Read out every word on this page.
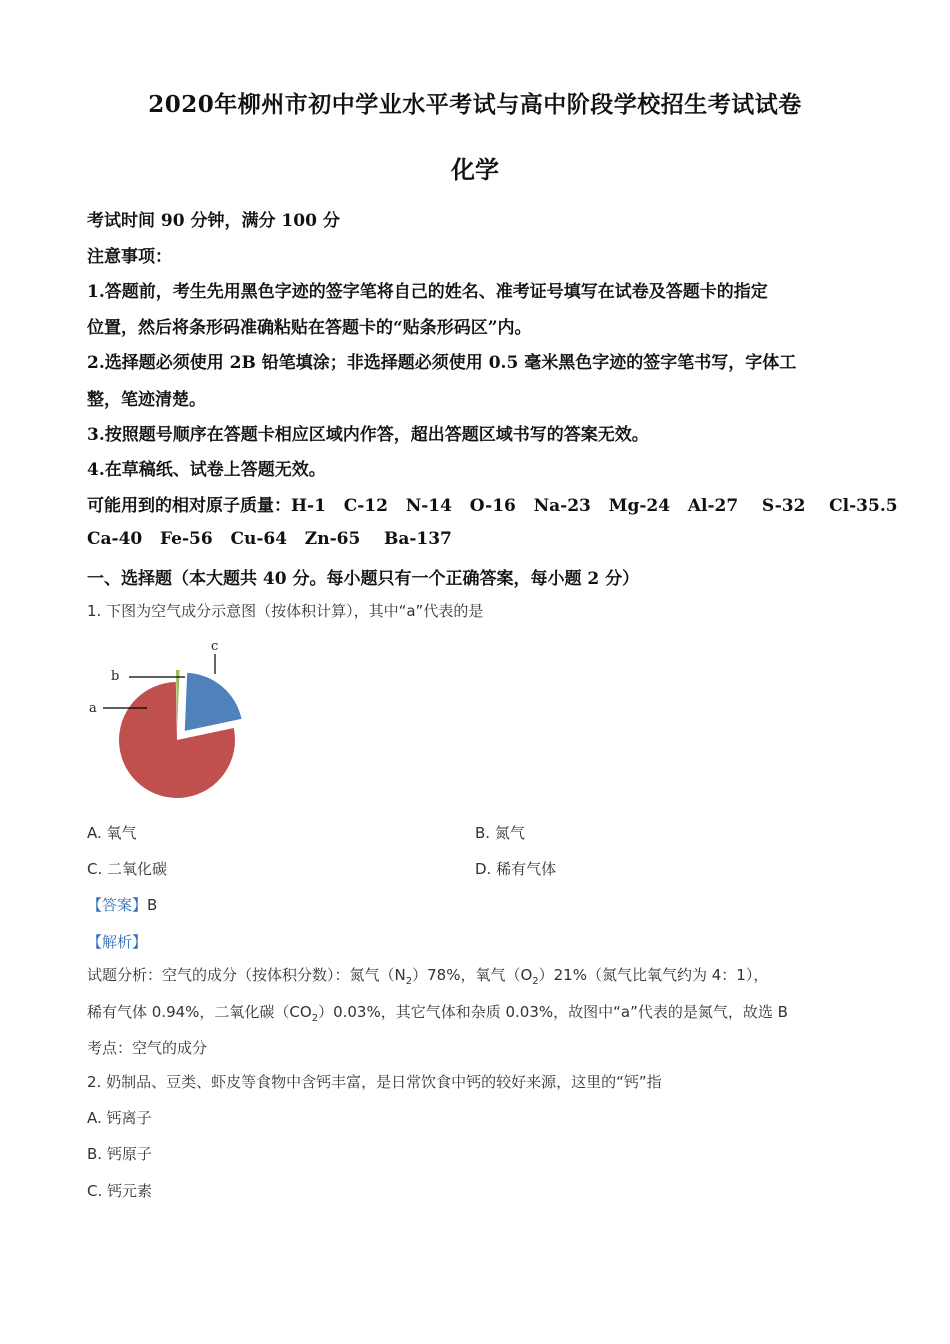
2020年柳州市初中学业水平考试与高中阶段学校招生考试试卷
化学
考试时间 90 分钟，满分 100 分
注意事项：
1.答题前，考生先用黑色字迹的签字笔将自己的姓名、准考证号填写在试卷及答题卡的指定
位置，然后将条形码准确粘贴在答题卡的“贴条形码区”内。
2.选择题必须使用 2B 铅笔填涂；非选择题必须使用 0.5 毫米黑色字迹的签字笔书写，字体工
整，笔迹清楚。
3.按照题号顺序在答题卡相应区域内作答，超出答题区域书写的答案无效。
4.在草稿纸、试卷上答题无效。
可能用到的相对原子质量：H-1   C-12   N-14   O-16   Na-23   Mg-24   Al-27    S-32    Cl-35.5
Ca-40   Fe-56   Cu-64   Zn-65    Ba-137
一、选择题（本大题共 40 分。每小题只有一个正确答案，每小题 2 分）
1. 下图为空气成分示意图（按体积计算），其中“a”代表的是
a
b
c
A. 氧气	B. 氮气
C. 二氧化碳	D. 稀有气体
【答案】B
【解析】
试题分析：空气的成分（按体积分数）：氮气$(N_2)78\%$，氧气$(O_2)21\%$（氮气比氧气约为 4：1），
稀有气体 0.94%，二氧化碳$(CO_2)0.03\%$，其它气体和杂质 0.03%，故图中“a”代表的是氮气，故选 B
考点：空气的成分
2. 奶制品、豆类、虾皮等食物中含钙丰富，是日常饮食中钙的较好来源，这里的“钙”指
A. 钙离子
B. 钙原子
C. 钙元素
